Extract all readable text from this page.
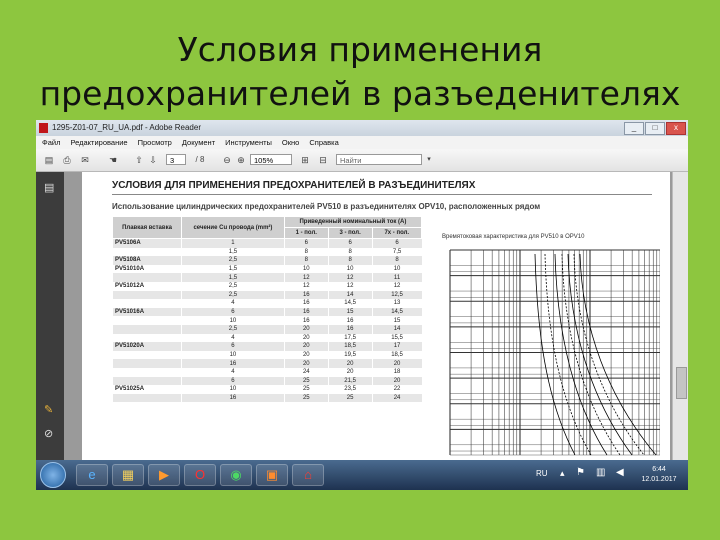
Условия применения
предохранителей в разъеденителях
1295-Z01-07_RU_UA.pdf - Adobe Reader	_	□	x
Файл Редактирование Просмотр Документ Инструменты Окно Справка
▤	⎙	✉	☚	⇧ ⇩	3	/ 8	⊖ ⊕	105%	⊞	⊟	Найти	▾
▤
✎
⊘
УСЛОВИЯ ДЛЯ ПРИМЕНЕНИЯ ПРЕДОХРАНИТЕЛЕЙ В РАЗЪЕДИНИТЕЛЯХ
Использование цилиндрических предохранителей PV510 в разъединителях OPV10, расположенных рядом
Плавкая вставка	сечение Cu провода (mm²)	Приведенный номинальный ток (A)		
		1 - пол.	3 - пол.	7x - пол.
PV5106A	1	6	6	6
	1,5	8	8	7,5
PV5108A	2,5	8	8	8
PV51010A	1,5	10	10	10
	1,5	12	12	11
PV51012A	2,5	12	12	12
	2,5	16	14	12,5
	4	16	14,5	13
PV51016A	6	16	15	14,5
	10	16	16	15
	2,5	20	16	14
	4	20	17,5	15,5
PV51020A	6	20	18,5	17
	10	20	19,5	18,5
	16	20	20	20
	4	24	20	18
	6	25	21,5	20
PV51025A	10	25	23,5	22
	16	25	25	24
Времятоковая характеристика для PV510 в OPV10
e	▦	▶	O	◉	▣	⌂	RU ▴ ⚑ ▥ ◀	6:44
12.01.2017
